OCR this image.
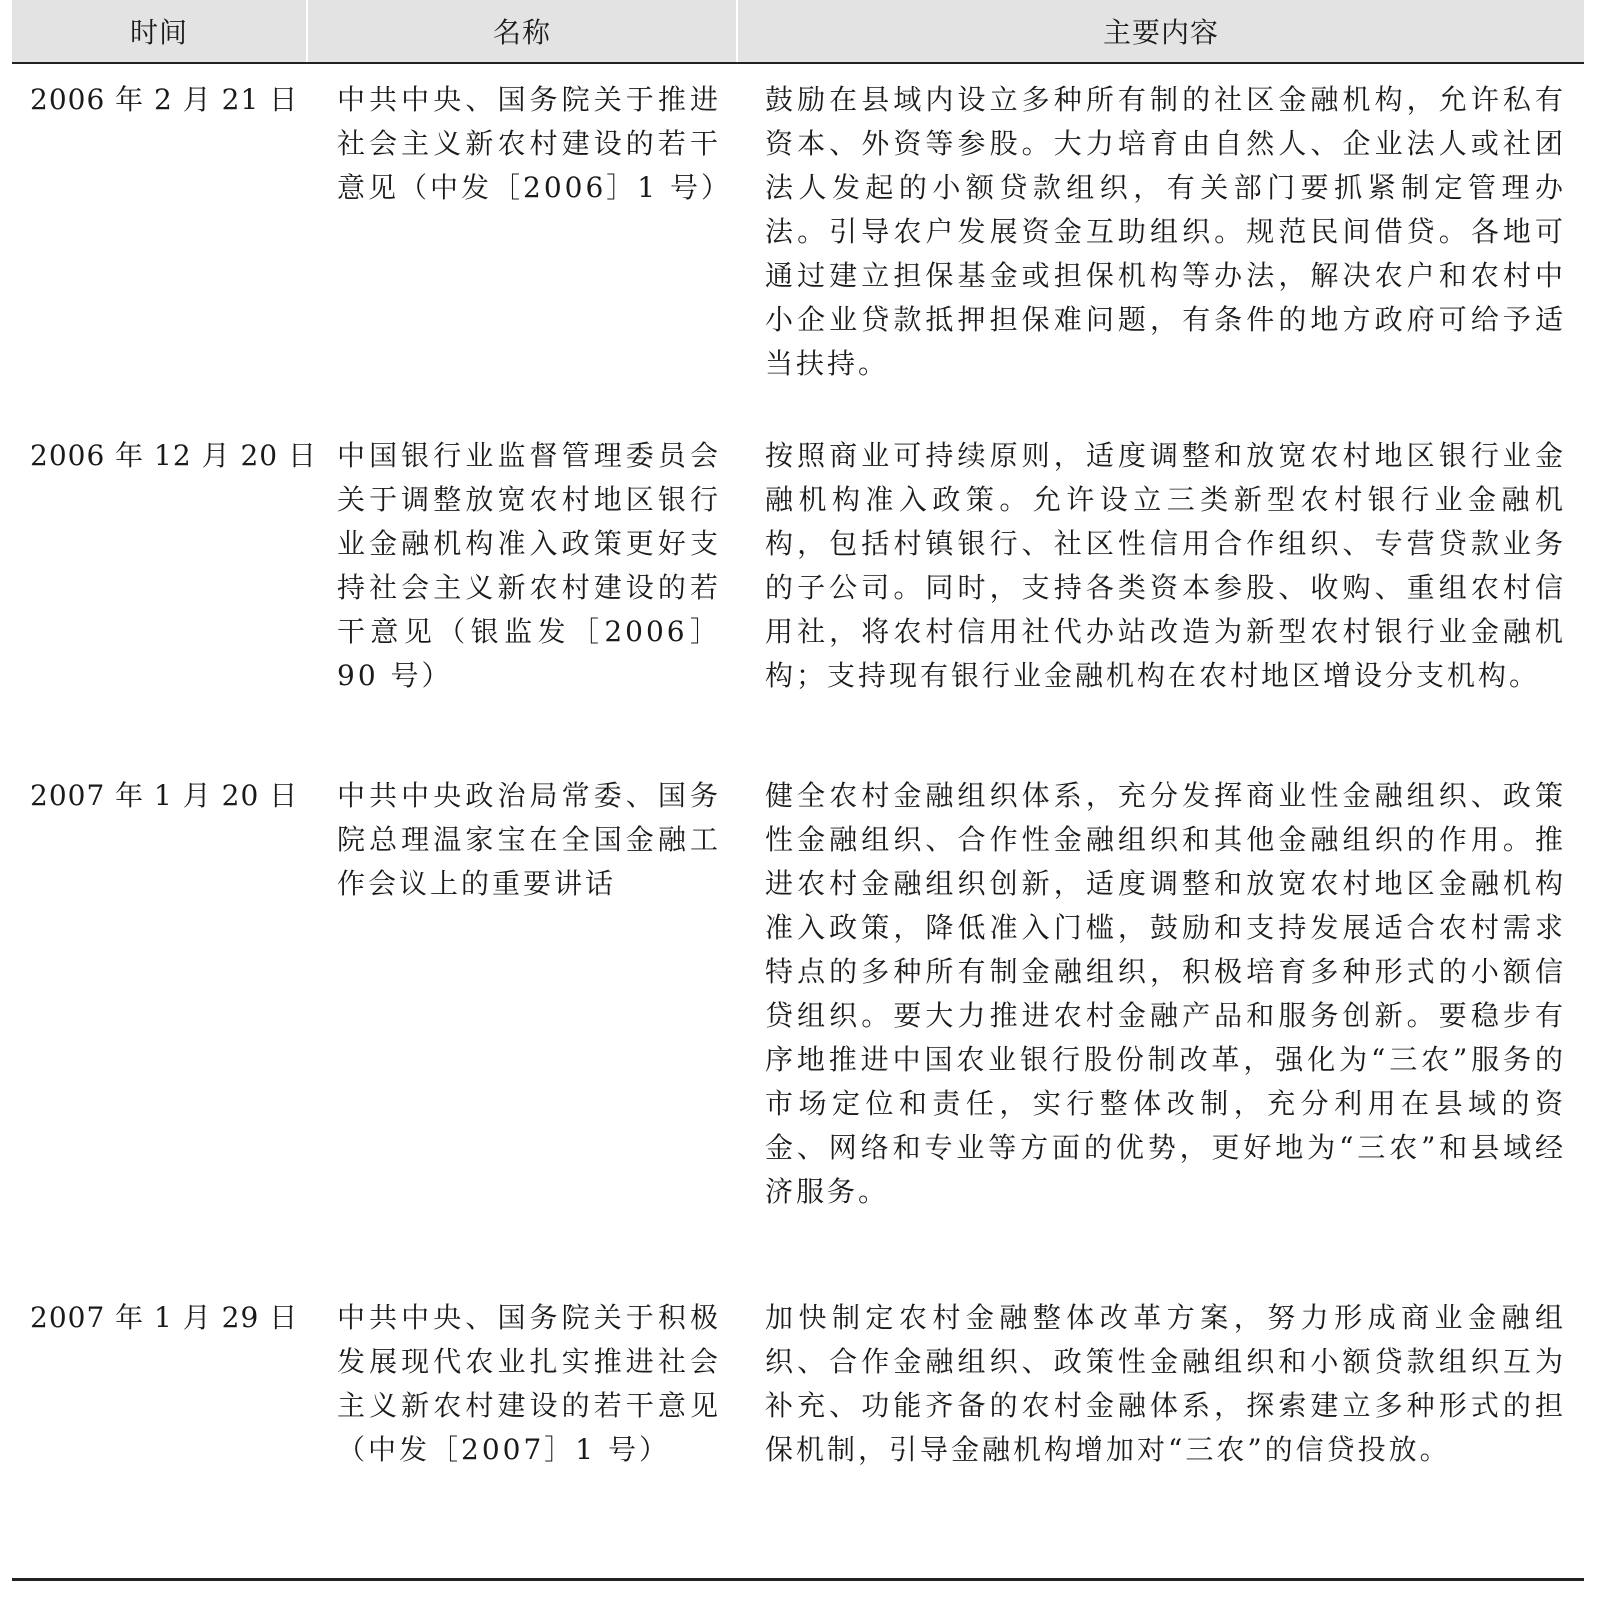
时间	名称	主要内容
2006 年 2 月 21 日	中共中央、国务院关于推进社会主义新农村建设的若干意见（中发［2006］1 号）	鼓励在县域内设立多种所有制的社区金融机构，允许私有资本、外资等参股。大力培育由自然人、企业法人或社团法人发起的小额贷款组织，有关部门要抓紧制定管理办法。引导农户发展资金互助组织。规范民间借贷。各地可通过建立担保基金或担保机构等办法，解决农户和农村中小企业贷款抵押担保难问题，有条件的地方政府可给予适当扶持。
2006 年 12 月 20 日	中国银行业监督管理委员会关于调整放宽农村地区银行业金融机构准入政策更好支持社会主义新农村建设的若干意见（银监发［2006］90 号）	按照商业可持续原则，适度调整和放宽农村地区银行业金融机构准入政策。允许设立三类新型农村银行业金融机构，包括村镇银行、社区性信用合作组织、专营贷款业务的子公司。同时，支持各类资本参股、收购、重组农村信用社，将农村信用社代办站改造为新型农村银行业金融机构；支持现有银行业金融机构在农村地区增设分支机构。
2007 年 1 月 20 日	中共中央政治局常委、国务院总理温家宝在全国金融工作会议上的重要讲话	健全农村金融组织体系，充分发挥商业性金融组织、政策性金融组织、合作性金融组织和其他金融组织的作用。推进农村金融组织创新，适度调整和放宽农村地区金融机构准入政策，降低准入门槛，鼓励和支持发展适合农村需求特点的多种所有制金融组织，积极培育多种形式的小额信贷组织。要大力推进农村金融产品和服务创新。要稳步有序地推进中国农业银行股份制改革，强化为“三农”服务的市场定位和责任，实行整体改制，充分利用在县域的资金、网络和专业等方面的优势，更好地为“三农”和县域经济服务。
2007 年 1 月 29 日	中共中央、国务院关于积极发展现代农业扎实推进社会主义新农村建设的若干意见（中发［2007］1 号）	加快制定农村金融整体改革方案，努力形成商业金融组织、合作金融组织、政策性金融组织和小额贷款组织互为补充、功能齐备的农村金融体系，探索建立多种形式的担保机制，引导金融机构增加对“三农”的信贷投放。
